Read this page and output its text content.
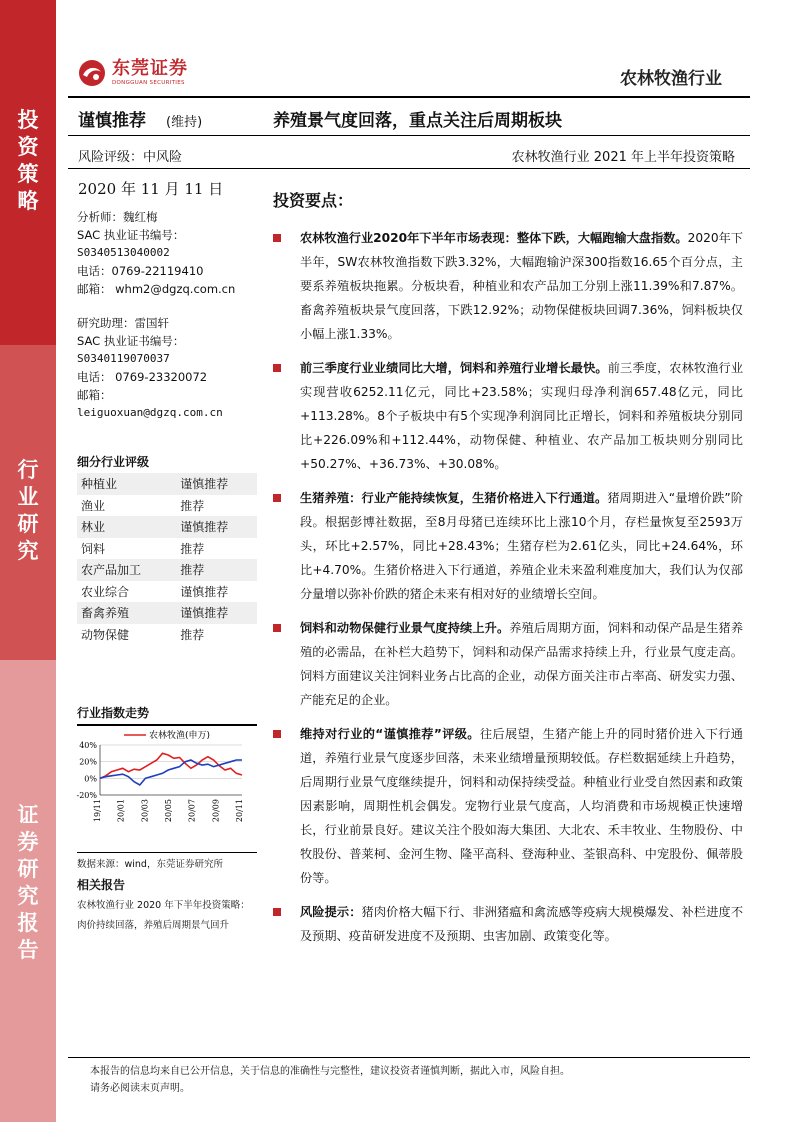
投
资
策
略
行
业
研
究
证
券
研
究
报
告
东莞证券
DONGGUAN SECURITIES	农林牧渔行业
谨慎推荐 (维持)	养殖景气度回落，重点关注后周期板块
风险评级：中风险	农林牧渔行业 2021 年上半年投资策略
2020 年 11 月 11 日
分析师：魏红梅
SAC 执业证书编号：
S0340513040002
电话：0769-22119410
邮箱： whm2@dgzq.com.cn
研究助理：雷国轩
SAC 执业证书编号：
S0340119070037
电话： 0769-23320072
邮箱：
leiguoxuan@dgzq.com.cn
细分行业评级
种植业	谨慎推荐
渔业	推荐
林业	谨慎推荐
饲料	推荐
农产品加工	推荐
农业综合	谨慎推荐
畜禽养殖	谨慎推荐
动物保健	推荐
行业指数走势
40%
20%
0%
-20%
19/11 20/01 20/03 20/05 20/07 20/09 20/11
农林牧渔(申万)
数据来源：wind，东莞证券研究所
相关报告
农林牧渔行业 2020 年下半年投资策略：肉价持续回落，养殖后周期景气回升
投资要点：
农林牧渔行业2020年下半年市场表现：整体下跌，大幅跑输大盘指数。2020年下半年，SW农林牧渔指数下跌3.32%，大幅跑输沪深300指数16.65个百分点，主要系养殖板块拖累。分板块看，种植业和农产品加工分别上涨11.39%和7.87%。畜禽养殖板块景气度回落，下跌12.92%；动物保健板块回调7.36%，饲料板块仅小幅上涨1.33%。
前三季度行业业绩同比大增，饲料和养殖行业增长最快。前三季度，农林牧渔行业实现营收6252.11亿元，同比+23.58%；实现归母净利润657.48亿元，同比+113.28%。8个子板块中有5个实现净利润同比正增长，饲料和养殖板块分别同比+226.09%和+112.44%，动物保健、种植业、农产品加工板块则分别同比+50.27%、+36.73%、+30.08%。
生猪养殖：行业产能持续恢复，生猪价格进入下行通道。猪周期进入“量增价跌”阶段。根据彭博社数据，至8月母猪已连续环比上涨10个月，存栏量恢复至2593万头，环比+2.57%，同比+28.43%；生猪存栏为2.61亿头，同比+24.64%，环比+4.70%。生猪价格进入下行通道，养殖企业未来盈利难度加大，我们认为仅部分量增以弥补价跌的猪企未来有相对好的业绩增长空间。
饲料和动物保健行业景气度持续上升。养殖后周期方面，饲料和动保产品是生猪养殖的必需品，在补栏大趋势下，饲料和动保产品需求持续上升，行业景气度走高。饲料方面建议关注饲料业务占比高的企业，动保方面关注市占率高、研发实力强、产能充足的企业。
维持对行业的“谨慎推荐”评级。往后展望，生猪产能上升的同时猪价进入下行通道，养殖行业景气度逐步回落，未来业绩增量预期较低。存栏数据延续上升趋势，后周期行业景气度继续提升，饲料和动保持续受益。种植业行业受自然因素和政策因素影响，周期性机会偶发。宠物行业景气度高，人均消费和市场规模正快速增长，行业前景良好。建议关注个股如海大集团、大北农、禾丰牧业、生物股份、中牧股份、普莱柯、金河生物、隆平高科、登海种业、荃银高科、中宠股份、佩蒂股份等。
风险提示：猪肉价格大幅下行、非洲猪瘟和禽流感等疫病大规模爆发、补栏进度不及预期、疫苗研发进度不及预期、虫害加剧、政策变化等。
本报告的信息均来自已公开信息，关于信息的准确性与完整性，建议投资者谨慎判断，据此入市，风险自担。
请务必阅读末页声明。
